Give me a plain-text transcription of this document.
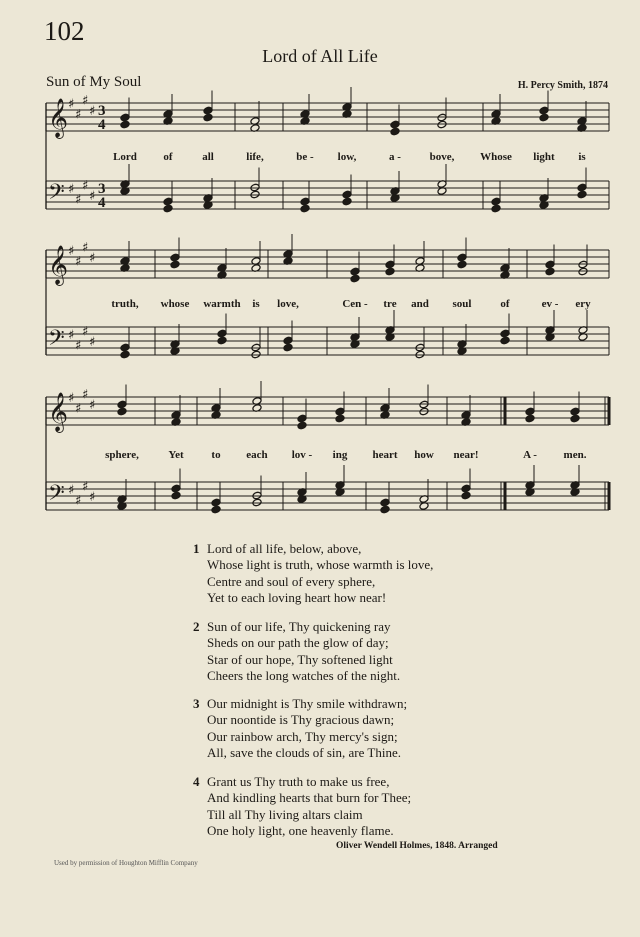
102
Lord of All Life
Sun of My Soul	H. Percy Smith, 1874
𝄞 ♯
♯
♯
♯ 3
4
𝄢 ♯
♯
♯
♯ 3
4
Lord of	all	life,	be - low,	a -	bove, Whose light is
𝄞 ♯
♯
♯
♯
𝄢 ♯
♯
♯
♯
truth, whose warmth is love,	Cen - tre and soul	of	ev - ery
𝄞 ♯
♯
♯
♯
𝄢 ♯
♯
♯
♯
sphere,	Yet	to each lov - ing heart how near!	A - men.
1 Lord of all life, below, above,
Whose light is truth, whose warmth is love,
Centre and soul of every sphere,
Yet to each loving heart how near!
2 Sun of our life, Thy quickening ray
Sheds on our path the glow of day;
Star of our hope, Thy softened light
Cheers the long watches of the night.
3 Our midnight is Thy smile withdrawn;
Our noontide is Thy gracious dawn;
Our rainbow arch, Thy mercy's sign;
All, save the clouds of sin, are Thine.
4 Grant us Thy truth to make us free,
And kindling hearts that burn for Thee;
Till all Thy living altars claim
One holy light, one heavenly flame.
Oliver Wendell Holmes, 1848. Arranged
Used by permission of Houghton Mifflin Company
